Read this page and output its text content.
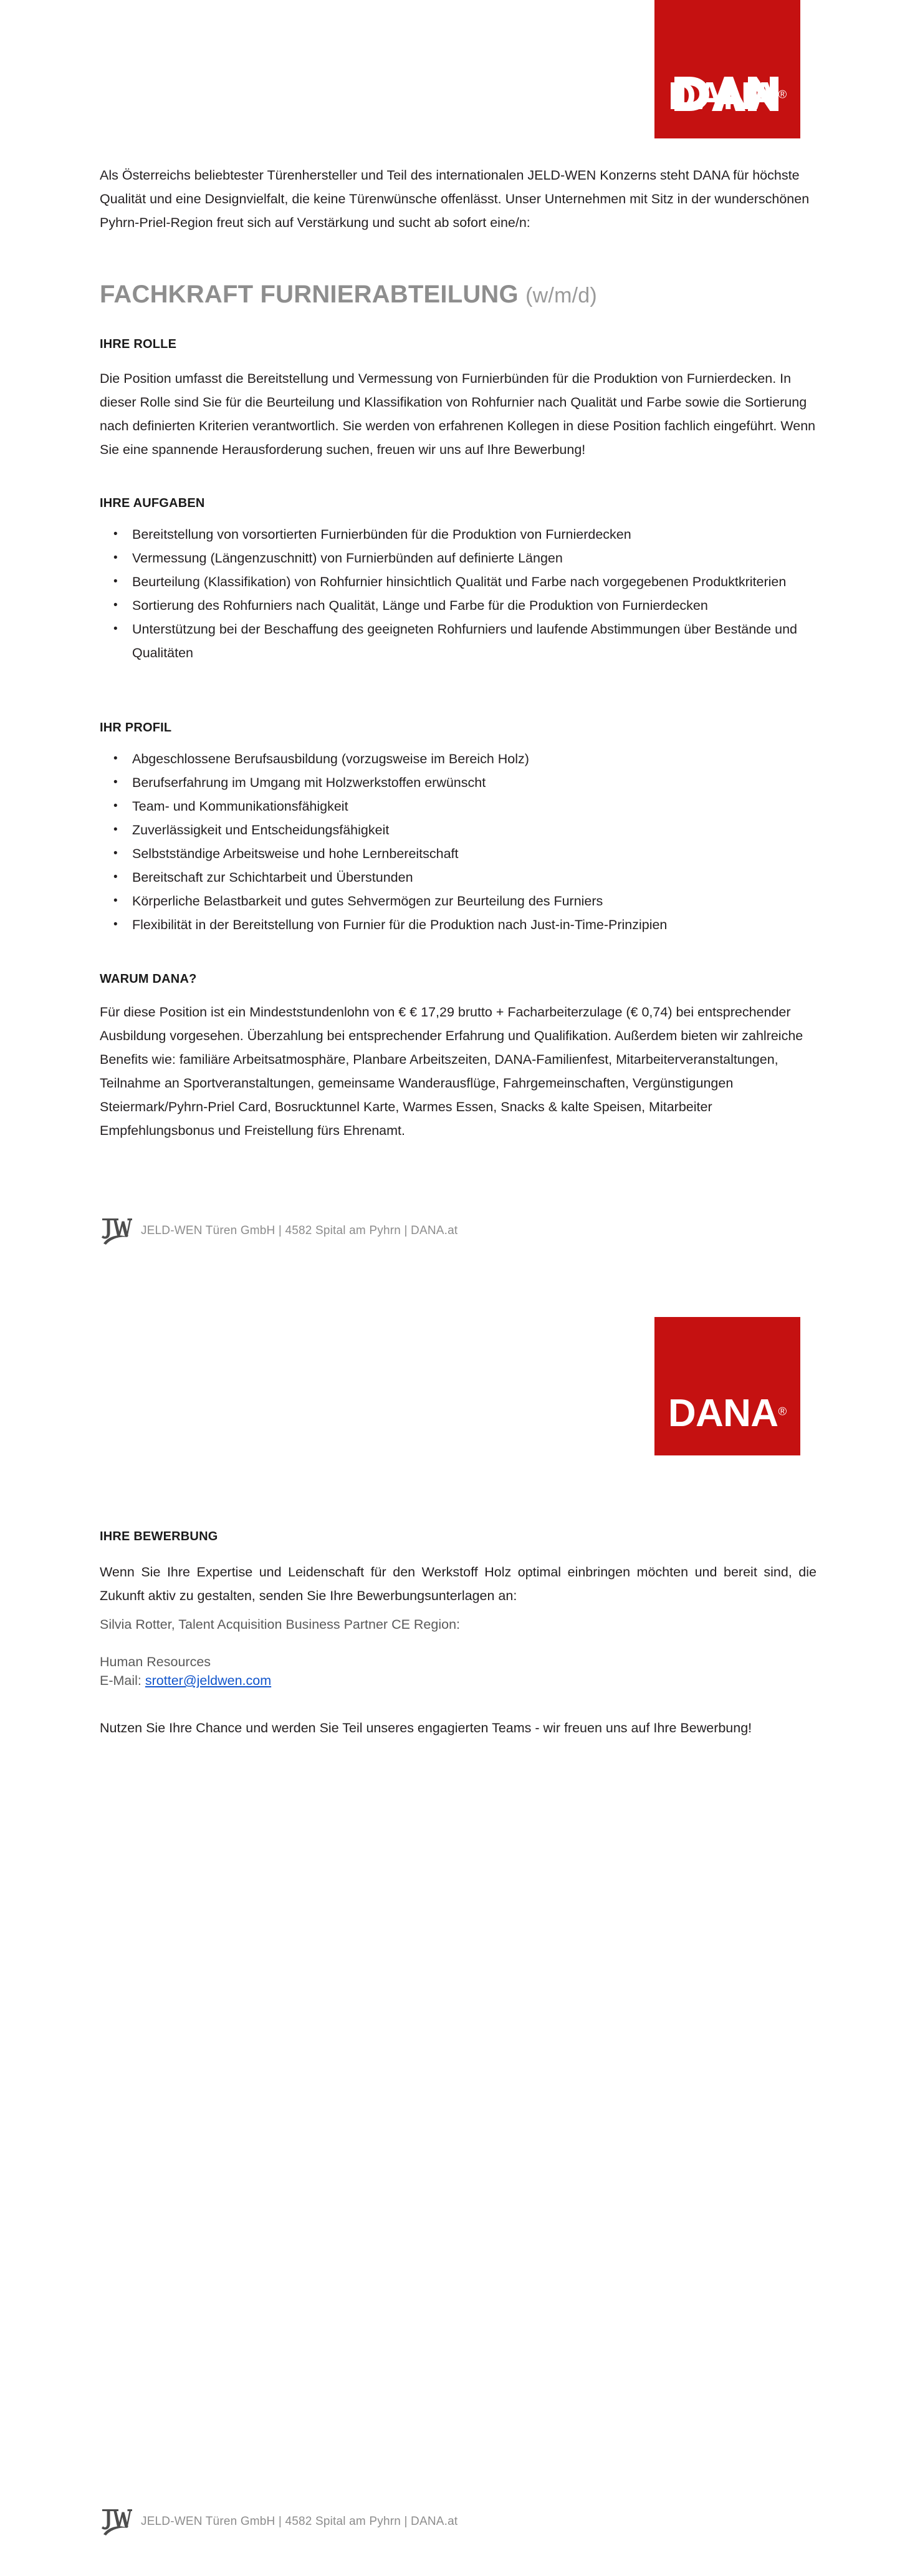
DANA®

Als Österreichs beliebtester Türenhersteller und Teil des internationalen JELD-WEN Konzerns steht DANA für höchste Qualität und eine Designvielfalt, die keine Türenwünsche offenlässt. Unser Unternehmen mit Sitz in der wunderschönen Pyhrn-Priel-Region freut sich auf Verstärkung und sucht ab sofort eine/n:

FACHKRAFT FURNIERABTEILUNG (w/m/d)
IHRE ROLLE

Die Position umfasst die Bereitstellung und Vermessung von Furnierbünden für die Produktion von Furnierdecken. In dieser Rolle sind Sie für die Beurteilung und Klassifikation von Rohfurnier nach Qualität und Farbe sowie die Sortierung nach definierten Kriterien verantwortlich. Sie werden von erfahrenen Kollegen in diese Position fachlich eingeführt. Wenn Sie eine spannende Herausforderung suchen, freuen wir uns auf Ihre Bewerbung!

IHRE AUFGABEN
• Bereitstellung von vorsortierten Furnierbünden für die Produktion von Furnierdecken
• Vermessung (Längenzuschnitt) von Furnierbünden auf definierte Längen
• Beurteilung (Klassifikation) von Rohfurnier hinsichtlich Qualität und Farbe nach vorgegebenen Produktkriterien
• Sortierung des Rohfurniers nach Qualität, Länge und Farbe für die Produktion von Furnierdecken
• Unterstützung bei der Beschaffung des geeigneten Rohfurniers und laufende Abstimmungen über Bestände und Qualitäten
IHR PROFIL
• Abgeschlossene Berufsausbildung (vorzugsweise im Bereich Holz)
• Berufserfahrung im Umgang mit Holzwerkstoffen erwünscht
• Team- und Kommunikationsfähigkeit
• Zuverlässigkeit und Entscheidungsfähigkeit
• Selbstständige Arbeitsweise und hohe Lernbereitschaft
• Bereitschaft zur Schichtarbeit und Überstunden
• Körperliche Belastbarkeit und gutes Sehvermögen zur Beurteilung des Furniers
• Flexibilität in der Bereitstellung von Furnier für die Produktion nach Just-in-Time-Prinzipien
WARUM DANA?

Für diese Position ist ein Mindeststundenlohn von € € 17,29 brutto + Facharbeiterzulage (€ 0,74) bei entsprechender Ausbildung vorgesehen. Überzahlung bei entsprechender Erfahrung und Qualifikation. Außerdem bieten wir zahlreiche Benefits wie: familiäre Arbeitsatmosphäre, Planbare Arbeitszeiten, DANA-Familienfest, Mitarbeiterveranstaltungen, Teilnahme an Sportveranstaltungen, gemeinsame Wanderausflüge, Fahrgemeinschaften, Vergünstigungen Steiermark/Pyhrn-Priel Card, Bosrucktunnel Karte, Warmes Essen, Snacks & kalte Speisen, Mitarbeiter Empfehlungsbonus und Freistellung fürs Ehrenamt.

JELD-WEN Türen GmbH | 4582 Spital am Pyhrn | DANA.at
DANA®
IHRE BEWERBUNG

Wenn Sie Ihre Expertise und Leidenschaft für den Werkstoff Holz optimal einbringen möchten und bereit sind, die Zukunft aktiv zu gestalten, senden Sie Ihre Bewerbungsunterlagen an:

Silvia Rotter, Talent Acquisition Business Partner CE Region:

Human Resources

E-Mail: srotter@jeldwen.com

Nutzen Sie Ihre Chance und werden Sie Teil unseres engagierten Teams - wir freuen uns auf Ihre Bewerbung!

JELD-WEN Türen GmbH | 4582 Spital am Pyhrn | DANA.at
